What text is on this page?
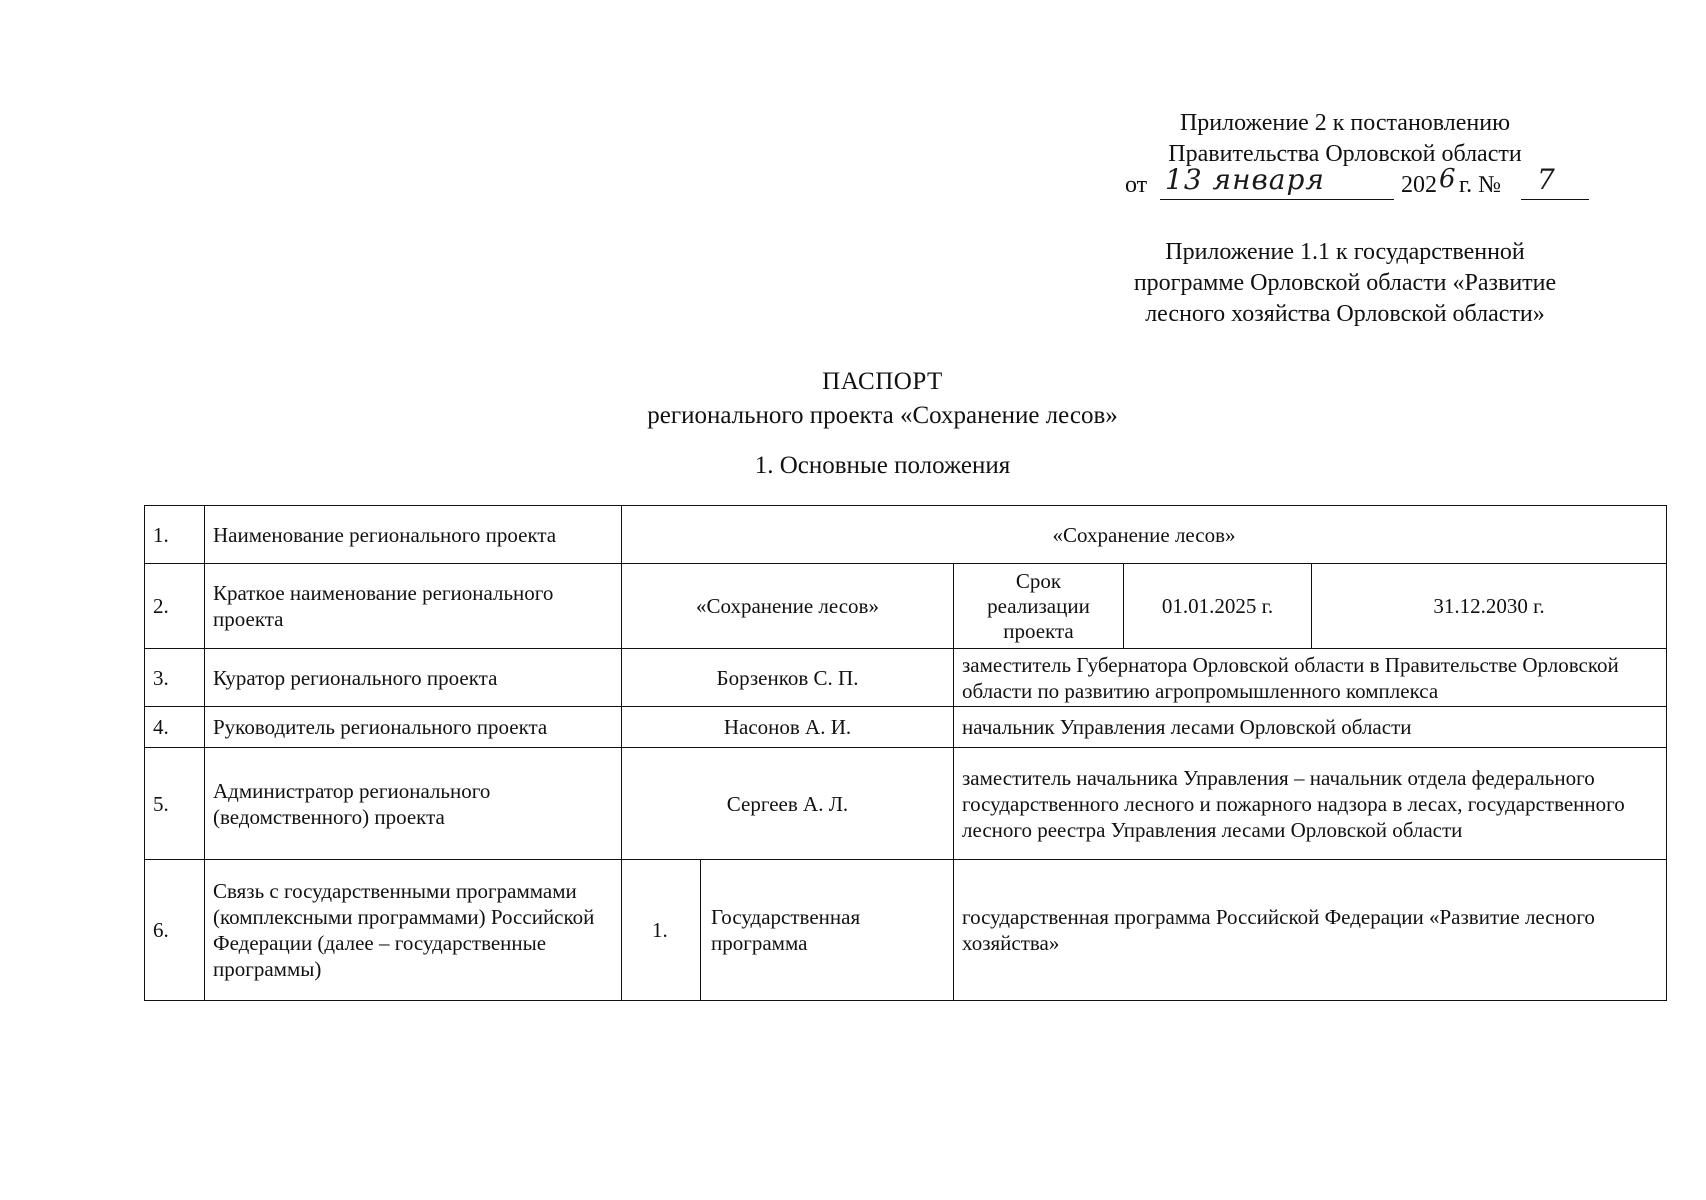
Приложение 2 к постановлению
Правительства Орловской области
от 13 января	202 6 г. № 7
Приложение 1.1 к государственной
программе Орловской области «Развитие
лесного хозяйства Орловской области»
ПАСПОРТ
регионального проекта «Сохранение лесов»
1. Основные положения
1.	Наименование регионального проекта	«Сохранение лесов»				
2.	Краткое наименование регионального проекта	«Сохранение лесов»		Срок реализации проекта	01.01.2025 г.	31.12.2030 г.
3.	Куратор регионального проекта	Борзенков С. П.		заместитель Губернатора Орловской области в Правительстве Орловской области по развитию агропромышленного комплекса		
4.	Руководитель регионального проекта	Насонов А. И.		начальник Управления лесами Орловской области		
5.	Администратор регионального (ведомственного) проекта	Сергеев А. Л.		заместитель начальника Управления – начальник отдела федерального государственного лесного и пожарного надзора в лесах, государственного лесного реестра Управления лесами Орловской области		
6.	Связь с государственными программами (комплексными программами) Российской Федерации (далее – государственные программы)	1.	Государственная программа	государственная программа Российской Федерации «Развитие лесного хозяйства»		
